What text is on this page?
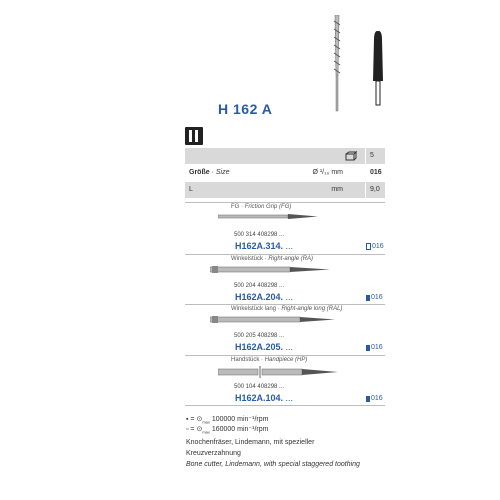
H 162 A
5
Größe · Size	Ø ¹/₁₀ mm	016
L	mm	9,0
FG · Friction Grip (FG)
500 314 408298 ...
H162A.314. ...	016
Winkelstück · Right-angle (RA)
500 204 408298 ...
H162A.204. ...	016
Winkelstück lang · Right-angle long (RAL)
500 205 408298 ...
H162A.205. ...	016
Handstück · Handpiece (HP)
500 104 408298 ...
H162A.104. ...	016
▪ = $⊙_{max}$ 100000 min⁻¹/rpm
▫ = $⊙_{max}$ 160000 min⁻¹/rpm
Knochenfräser, Lindemann, mit spezieller
Kreuzverzahnung
Bone cutter, Lindemann, with special staggered toothing
